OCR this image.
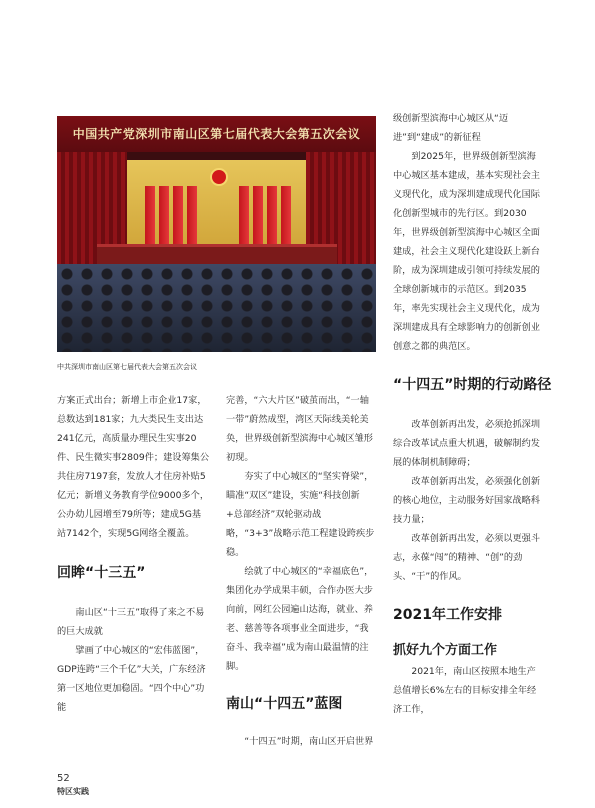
中国共产党深圳市南山区第七届代表大会第五次会议
中共深圳市南山区第七届代表大会第五次会议

方案正式出台；新增上市企业17家，总数达到181家；九大类民生支出达241亿元，高质量办理民生实事20件、民生微实事2809件；建设筹集公共住房7197套，发放人才住房补贴5亿元；新增义务教育学位9000多个，公办幼儿园增至79所等；建成5G基站7142个，实现5G网络全覆盖。

回眸“十三五”

南山区“十三五”取得了来之不易的巨大成就

擘画了中心城区的“宏伟蓝图”，GDP连跨“三个千亿”大关，广东经济第一区地位更加稳固。“四个中心”功能

完善，“六大片区”破茧而出，“一轴一带”蔚然成型，湾区天际线美轮美奂，世界级创新型滨海中心城区雏形初现。

夯实了中心城区的“坚实脊梁”，瞄准“双区”建设，实施“科技创新+总部经济”双轮驱动战略，“3+3”战略示范工程建设跨疾步稳。

绘就了中心城区的“幸福底色”，集团化办学成果丰硕，合作办医大步向前，网红公园遍山达海，就业、养老、慈善等各项事业全面进步，“我奋斗、我幸福”成为南山最温情的注脚。

南山“十四五”蓝图

“十四五”时期，南山区开启世界

级创新型滨海中心城区从“迈进”到“建成”的新征程

到2025年，世界级创新型滨海中心城区基本建成，基本实现社会主义现代化，成为深圳建成现代化国际化创新型城市的先行区。到2030年，世界级创新型滨海中心城区全面建成，社会主义现代化建设跃上新台阶，成为深圳建成引领可持续发展的全球创新城市的示范区。到2035年，率先实现社会主义现代化，成为深圳建成具有全球影响力的创新创业创意之都的典范区。

“十四五”时期的行动路径

改革创新再出发，必须抢抓深圳综合改革试点重大机遇，破解制约发展的体制机制障碍；

改革创新再出发，必须强化创新的核心地位，主动服务好国家战略科技力量；

改革创新再出发，必须以更强斗志，永葆“闯”的精神、“创”的劲头、“干”的作风。

2021年工作安排
抓好九个方面工作

2021年，南山区按照本地生产总值增长6%左右的目标安排全年经济工作，

52
特区实践
